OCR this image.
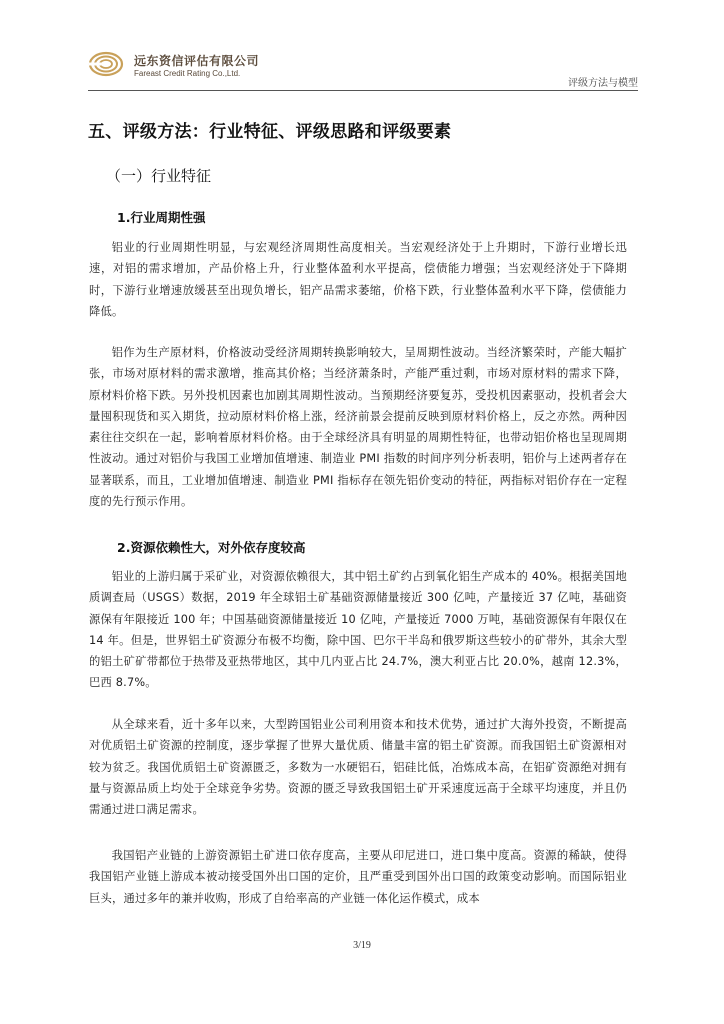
远东资信评估有限公司
Fareast Credit Rating Co.,Ltd.
评级方法与模型
五、评级方法：行业特征、评级思路和评级要素
（一）行业特征
1.行业周期性强
铝业的行业周期性明显，与宏观经济周期性高度相关。当宏观经济处于上升期时，下游行业增长迅速，对铝的需求增加，产品价格上升，行业整体盈利水平提高，偿债能力增强；当宏观经济处于下降期时，下游行业增速放缓甚至出现负增长，铝产品需求萎缩，价格下跌，行业整体盈利水平下降，偿债能力降低。
铝作为生产原材料，价格波动受经济周期转换影响较大，呈周期性波动。当经济繁荣时，产能大幅扩张，市场对原材料的需求激增，推高其价格；当经济萧条时，产能严重过剩，市场对原材料的需求下降，原材料价格下跌。另外投机因素也加剧其周期性波动。当预期经济要复苏，受投机因素驱动，投机者会大量囤积现货和买入期货，拉动原材料价格上涨，经济前景会提前反映到原材料价格上，反之亦然。两种因素往往交织在一起，影响着原材料价格。由于全球经济具有明显的周期性特征，也带动铝价格也呈现周期性波动。通过对铝价与我国工业增加值增速、制造业 PMI 指数的时间序列分析表明，铝价与上述两者存在显著联系，而且，工业增加值增速、制造业 PMI 指标存在领先铝价变动的特征，两指标对铝价存在一定程度的先行预示作用。
2.资源依赖性大，对外依存度较高
铝业的上游归属于采矿业，对资源依赖很大，其中铝土矿约占到氧化铝生产成本的 40%。根据美国地质调查局（USGS）数据，2019 年全球铝土矿基础资源储量接近 300 亿吨，产量接近 37 亿吨，基础资源保有年限接近 100 年；中国基础资源储量接近 10 亿吨，产量接近 7000 万吨，基础资源保有年限仅在 14 年。但是，世界铝土矿资源分布极不均衡，除中国、巴尔干半岛和俄罗斯这些较小的矿带外，其余大型的铝土矿矿带都位于热带及亚热带地区，其中几内亚占比 24.7%，澳大利亚占比 20.0%，越南 12.3%，巴西 8.7%。
从全球来看，近十多年以来，大型跨国铝业公司利用资本和技术优势，通过扩大海外投资，不断提高对优质铝土矿资源的控制度，逐步掌握了世界大量优质、储量丰富的铝土矿资源。而我国铝土矿资源相对较为贫乏。我国优质铝土矿资源匮乏，多数为一水硬铝石，铝硅比低，冶炼成本高，在铝矿资源绝对拥有量与资源品质上均处于全球竞争劣势。资源的匮乏导致我国铝土矿开采速度远高于全球平均速度，并且仍需通过进口满足需求。
我国铝产业链的上游资源铝土矿进口依存度高，主要从印尼进口，进口集中度高。资源的稀缺，使得我国铝产业链上游成本被动接受国外出口国的定价，且严重受到国外出口国的政策变动影响。而国际铝业巨头，通过多年的兼并收购，形成了自给率高的产业链一体化运作模式，成本
3/19
